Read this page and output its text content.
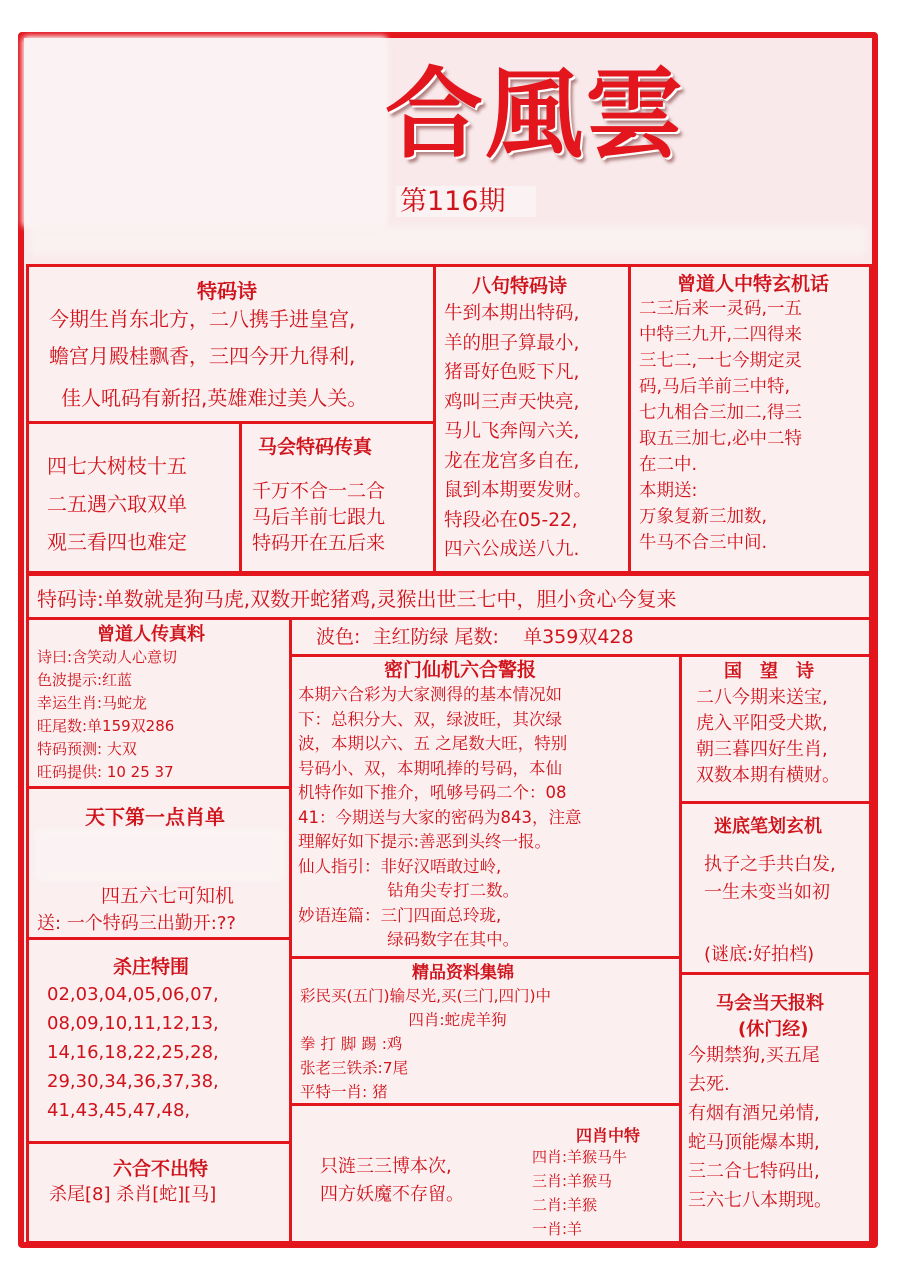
合風雲
第116期
特码诗
今期生肖东北方，二八携手进皇宫,
蟾宫月殿桂飘香，三四今开九得利,
佳人吼码有新招,英雄难过美人关。
八句特码诗
牛到本期出特码,
羊的胆子算最小,
猪哥好色贬下凡,
鸡叫三声天快亮,
马儿飞奔闯六关,
龙在龙宫多自在,
鼠到本期要发财。
特段必在05-22,
四六公成送八九.
曾道人中特玄机话
二三后来一灵码,一五
中特三九开,二四得来
三七二,一七今期定灵
码,马后羊前三中特,
七九相合三加二,得三
取五三加七,必中二特
在二中.
本期送:
万象复新三加数,
牛马不合三中间.
四七大树枝十五
二五遇六取双单
观三看四也难定
马会特码传真
千万不合一二合
马后羊前七跟九
特码开在五后来
特码诗:单数就是狗马虎,双数开蛇猪鸡,灵猴出世三七中，胆小贪心今复来
曾道人传真料
诗曰:含笑动人心意切
色波提示:红蓝
幸运生肖:马蛇龙
旺尾数:单159双286
特码预测: 大双
旺码提供: 10 25 37
波色:  主红防绿 尾数:    单359双428
密门仙机六合警报
本期六合彩为大家测得的基本情况如
下：总积分大、双，绿波旺，其次绿
波，本期以六、五 之尾数大旺，特别
号码小、双，本期吼捧的号码，本仙
机特作如下推介，吼够号码二个：08
41：今期送与大家的密码为843，注意
理解好如下提示:善恶到头终一报。
仙人指引：非好汉唔敢过岭,
钻角尖专打二数。
妙语连篇：三门四面总玲珑,
绿码数字在其中。
国　望　诗
二八今期来送宝,
虎入平阳受犬欺,
朝三暮四好生肖,
双数本期有横财。
天下第一点肖单
四五六七可知机
送: 一个特码三出勤开:??
迷底笔划玄机
执子之手共白发,
一生未变当如初
(谜底:好拍档)
杀庄特围
02,03,04,05,06,07,
08,09,10,11,12,13,
14,16,18,22,25,28,
29,30,34,36,37,38,
41,43,45,47,48,
精品资料集锦
彩民买(五门)输尽光,买(三门,四门)中
四肖:蛇虎羊狗
拳 打 脚 踢 :鸡
张老三铁杀:7尾
平特一肖: 猪
马会当天报料
(休门经)
今期禁狗,买五尾
去死.
有烟有酒兄弟情,
蛇马顶能爆本期,
三二合七特码出,
三六七八本期现。
六合不出特
杀尾[8] 杀肖[蛇][马]
只涟三三博本次,
四方妖魔不存留。
四肖中特
四肖:羊猴马牛
三肖:羊猴马
二肖:羊猴
一肖:羊
